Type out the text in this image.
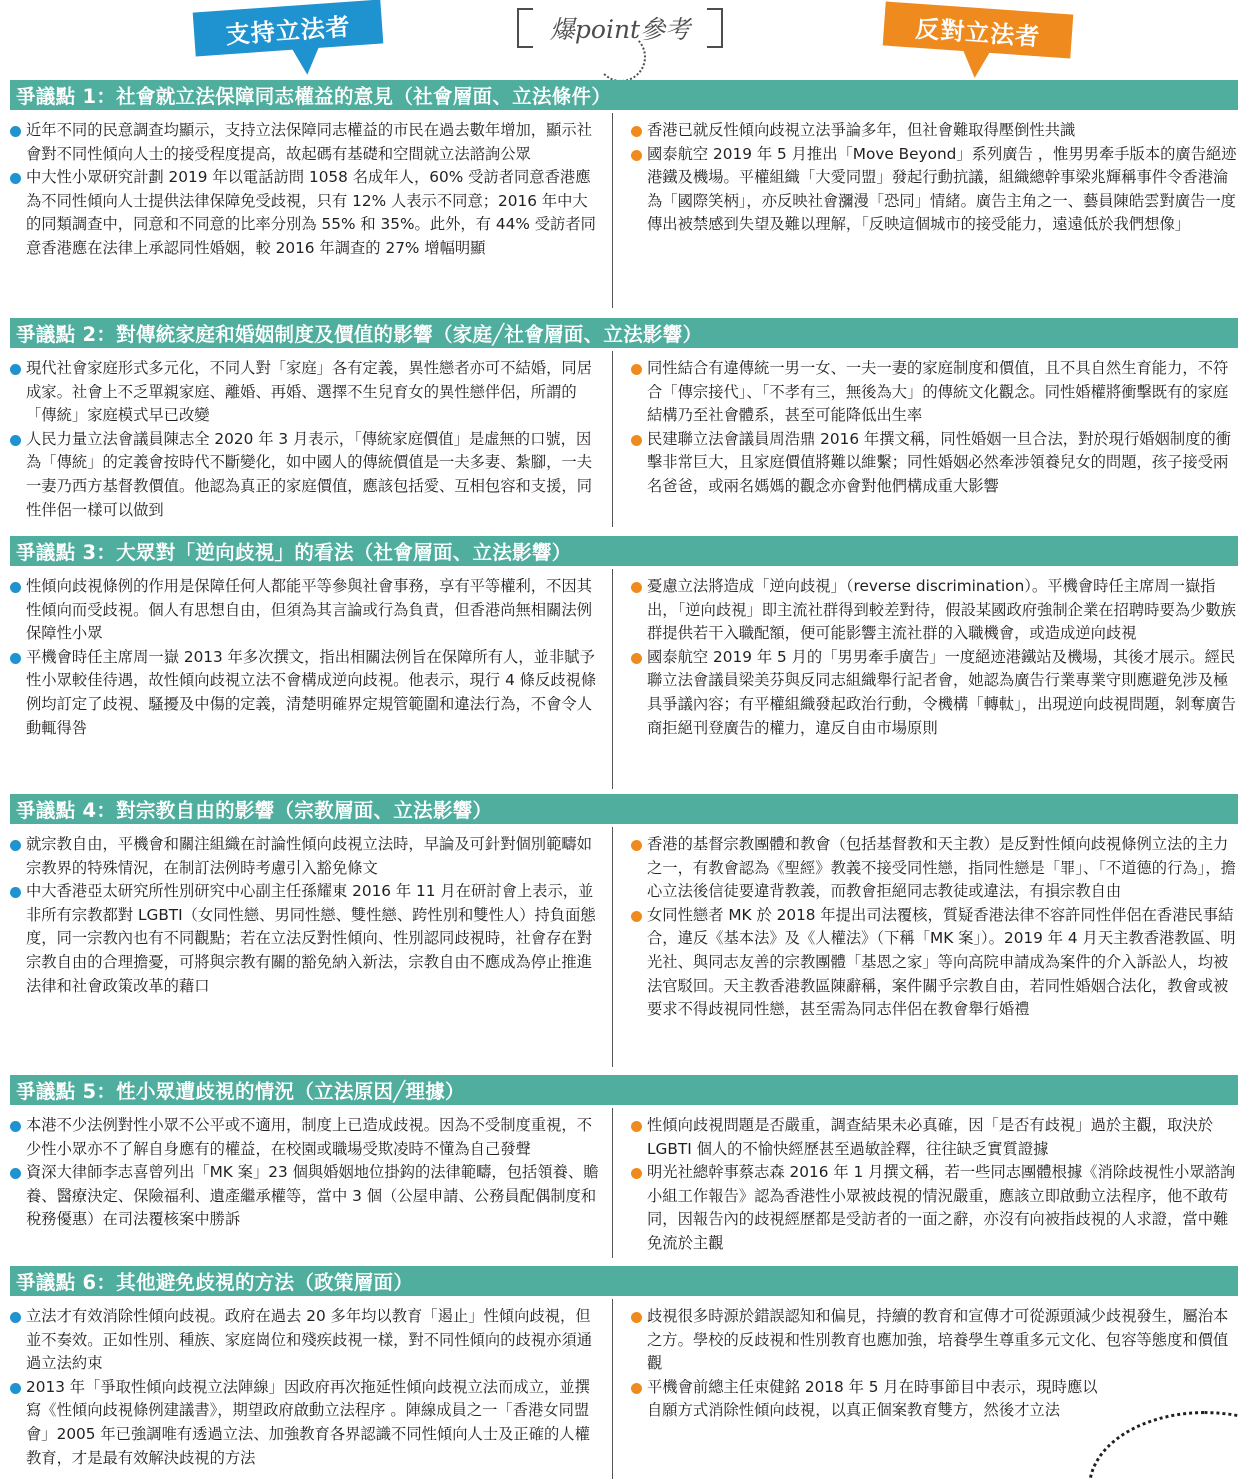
支持立法者	爆point參考	反對立法者
爭議點 1：社會就立法保障同志權益的意見（社會層面、立法條件）

近年不同的民意調查均顯示，支持立法保障同志權益的市民在過去數年增加，顯示社會對不同性傾向人士的接受程度提高，故起碼有基礎和空間就立法諮詢公眾

中大性小眾研究計劃 2019 年以電話訪問 1058 名成年人，60% 受訪者同意香港應為不同性傾向人士提供法律保障免受歧視，只有 12% 人表示不同意；2016 年中大的同類調查中，同意和不同意的比率分別為 55% 和 35%。此外，有 44% 受訪者同意香港應在法律上承認同性婚姻，較 2016 年調查的 27% 增幅明顯

香港已就反性傾向歧視立法爭論多年，但社會難取得壓倒性共識

國泰航空 2019 年 5 月推出「Move Beyond」系列廣告 ，惟男男牽手版本的廣告絕迹港鐵及機場。平權組織「大愛同盟」發起行動抗議，組織總幹事梁兆輝稱事件令香港淪為「國際笑柄」，亦反映社會瀰漫「恐同」情緒。廣告主角之一、藝員陳皓雲對廣告一度傳出被禁感到失望及難以理解，「反映這個城市的接受能力，遠遠低於我們想像」

爭議點 2：對傳統家庭和婚姻制度及價值的影響（家庭╱社會層面、立法影響）

現代社會家庭形式多元化，不同人對「家庭」各有定義，異性戀者亦可不結婚，同居成家。社會上不乏單親家庭、離婚、再婚、選擇不生兒育女的異性戀伴侶，所謂的「傳統」家庭模式早已改變

人民力量立法會議員陳志全 2020 年 3 月表示，「傳統家庭價值」是虛無的口號，因為「傳統」的定義會按時代不斷變化，如中國人的傳統價值是一夫多妻、紮腳，一夫一妻乃西方基督教價值。他認為真正的家庭價值，應該包括愛、互相包容和支援，同性伴侶一樣可以做到

同性結合有違傳統一男一女、一夫一妻的家庭制度和價值，且不具自然生育能力，不符合「傳宗接代」、「不孝有三，無後為大」的傳統文化觀念。同性婚權將衝擊既有的家庭結構乃至社會體系，甚至可能降低出生率

民建聯立法會議員周浩鼎 2016 年撰文稱，同性婚姻一旦合法，對於現行婚姻制度的衝擊非常巨大，且家庭價值將難以維繫；同性婚姻必然牽涉領養兒女的問題，孩子接受兩名爸爸，或兩名媽媽的觀念亦會對他們構成重大影響

爭議點 3：大眾對「逆向歧視」的看法（社會層面、立法影響）

性傾向歧視條例的作用是保障任何人都能平等參與社會事務，享有平等權利，不因其性傾向而受歧視。個人有思想自由，但須為其言論或行為負責，但香港尚無相關法例保障性小眾

平機會時任主席周一嶽 2013 年多次撰文，指出相關法例旨在保障所有人，並非賦予性小眾較佳待遇，故性傾向歧視立法不會構成逆向歧視。他表示，現行 4 條反歧視條例均訂定了歧視、騷擾及中傷的定義，清楚明確界定規管範圍和違法行為，不會令人動輒得咎

憂慮立法將造成「逆向歧視」（reverse discrimination）。平機會時任主席周一嶽指出，「逆向歧視」即主流社群得到較差對待，假設某國政府強制企業在招聘時要為少數族群提供若干入職配額，便可能影響主流社群的入職機會，或造成逆向歧視

國泰航空 2019 年 5 月的「男男牽手廣告」一度絕迹港鐵站及機場，其後才展示。經民聯立法會議員梁美芬與反同志組織舉行記者會，她認為廣告行業專業守則應避免涉及極具爭議內容；有平權組織發起政治行動，令機構「轉軚」，出現逆向歧視問題，剝奪廣告商拒絕刊登廣告的權力，違反自由市場原則

爭議點 4：對宗教自由的影響（宗教層面、立法影響）

就宗教自由，平機會和關注組織在討論性傾向歧視立法時，早論及可針對個別範疇如宗教界的特殊情況，在制訂法例時考慮引入豁免條文

中大香港亞太研究所性別研究中心副主任孫耀東 2016 年 11 月在研討會上表示，並非所有宗教都對 LGBTI（女同性戀、男同性戀、雙性戀、跨性別和雙性人）持負面態度，同一宗教內也有不同觀點；若在立法反對性傾向、性別認同歧視時，社會存在對宗教自由的合理擔憂，可將與宗教有關的豁免納入新法，宗教自由不應成為停止推進法律和社會政策改革的藉口

香港的基督宗教團體和教會（包括基督教和天主教）是反對性傾向歧視條例立法的主力之一，有教會認為《聖經》教義不接受同性戀，指同性戀是「罪」、「不道德的行為」，擔心立法後信徒要違背教義，而教會拒絕同志教徒或違法，有損宗教自由

女同性戀者 MK 於 2018 年提出司法覆核，質疑香港法律不容許同性伴侶在香港民事結合，違反《基本法》及《人權法》（下稱「MK 案」）。2019 年 4 月天主教香港教區、明光社、與同志友善的宗教團體「基恩之家」等向高院申請成為案件的介入訴訟人，均被法官駁回。天主教香港教區陳辭稱，案件關乎宗教自由，若同性婚姻合法化，教會或被要求不得歧視同性戀，甚至需為同志伴侶在教會舉行婚禮

爭議點 5：性小眾遭歧視的情況（立法原因╱理據）

本港不少法例對性小眾不公平或不適用，制度上已造成歧視。因為不受制度重視，不少性小眾亦不了解自身應有的權益，在校園或職場受欺凌時不懂為自己發聲

資深大律師李志喜曾列出「MK 案」23 個與婚姻地位掛鈎的法律範疇，包括領養、贍養、醫療決定、保險福利、遺產繼承權等，當中 3 個（公屋申請、公務員配偶制度和稅務優惠）在司法覆核案中勝訴

性傾向歧視問題是否嚴重，調查結果未必真確，因「是否有歧視」過於主觀，取決於 LGBTI 個人的不愉快經歷甚至過敏詮釋，往往缺乏實質證據

明光社總幹事蔡志森 2016 年 1 月撰文稱，若一些同志團體根據《消除歧視性小眾諮詢小組工作報告》認為香港性小眾被歧視的情況嚴重，應該立即啟動立法程序，他不敢苟同，因報告內的歧視經歷都是受訪者的一面之辭，亦沒有向被指歧視的人求證，當中難免流於主觀

爭議點 6：其他避免歧視的方法（政策層面）

立法才有效消除性傾向歧視。政府在過去 20 多年均以教育「遏止」性傾向歧視，但並不奏效。正如性別、種族、家庭崗位和殘疾歧視一樣，對不同性傾向的歧視亦須通過立法約束

2013 年「爭取性傾向歧視立法陣線」因政府再次拖延性傾向歧視立法而成立，並撰寫《性傾向歧視條例建議書》，期望政府啟動立法程序 。陣線成員之一「香港女同盟會」2005 年已強調唯有透過立法、加強教育各界認識不同性傾向人士及正確的人權教育，才是最有效解決歧視的方法

歧視很多時源於錯誤認知和偏見，持續的教育和宣傳才可從源頭減少歧視發生，屬治本之方。學校的反歧視和性別教育也應加強，培養學生尊重多元文化、包容等態度和價值觀

平機會前總主任束健銘 2018 年 5 月在時事節目中表示，現時應以自願方式消除性傾向歧視，以真正個案教育雙方，然後才立法
